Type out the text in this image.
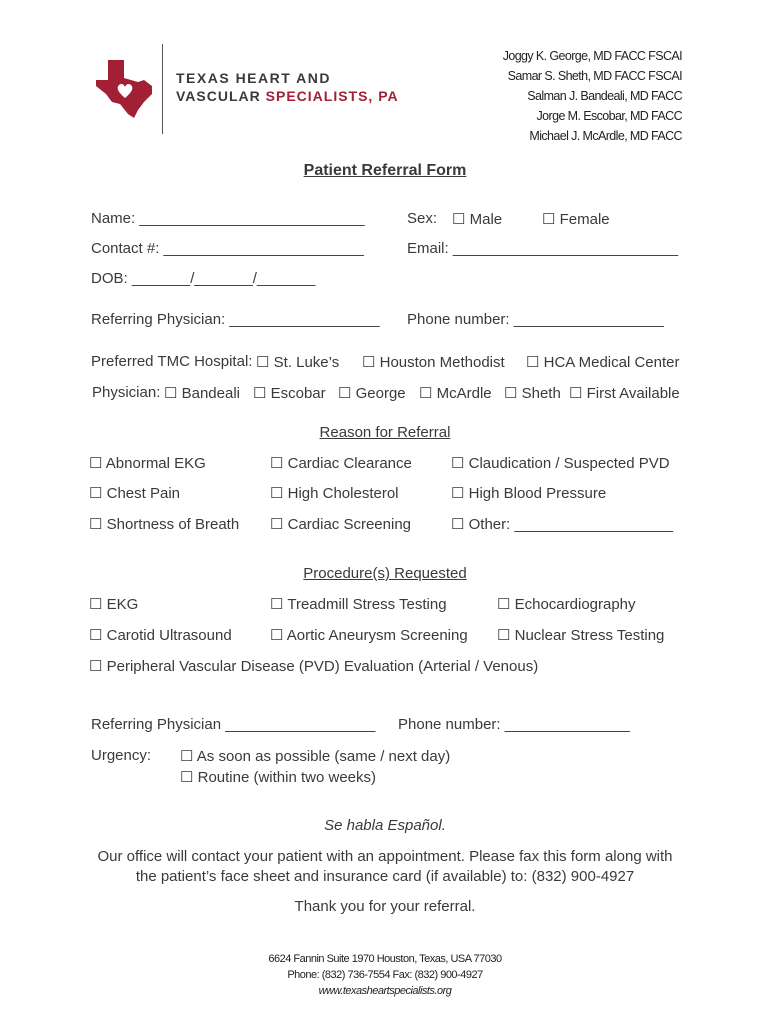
TEXAS HEART AND
VASCULAR SPECIALISTS, PA
Joggy K. George, MD FACC FSCAI
Samar S. Sheth, MD FACC FSCAI
Salman J. Bandeali, MD FACC
Jorge M. Escobar, MD FACC
Michael J. McArdle, MD FACC
Patient Referral Form
Name: ___________________________	Sex: ☐ Male	☐ Female
Contact #: ________________________	Email: ___________________________
DOB: _______/_______/_______
Referring Physician: __________________ Phone number: __________________
Preferred TMC Hospital: ☐ St. Luke’s ☐ Houston Methodist ☐ HCA Medical Center
Physician: ☐ Bandeali ☐ Escobar ☐ George ☐ McArdle ☐ Sheth ☐ First Available
Reason for Referral
☐ Abnormal EKG	☐ Cardiac Clearance	☐ Claudication / Suspected PVD
☐ Chest Pain	☐ High Cholesterol	☐ High Blood Pressure
☐ Shortness of Breath ☐ Cardiac Screening	☐ Other: ___________________
Procedure(s) Requested
☐ EKG	☐ Treadmill Stress Testing	☐ Echocardiography
☐ Carotid Ultrasound	☐ Aortic Aneurysm Screening ☐ Nuclear Stress Testing
☐ Peripheral Vascular Disease (PVD) Evaluation (Arterial / Venous)
Referring Physician __________________ Phone number: _______________
Urgency: ☐ As soon as possible (same / next day)
☐ Routine (within two weeks)
Se habla Español.
Our office will contact your patient with an appointment. Please fax this form along with
the patient’s face sheet and insurance card (if available) to: (832) 900-4927
Thank you for your referral.
6624 Fannin Suite 1970 Houston, Texas, USA 77030
Phone: (832) 736-7554 Fax: (832) 900-4927
www.texasheartspecialists.org
